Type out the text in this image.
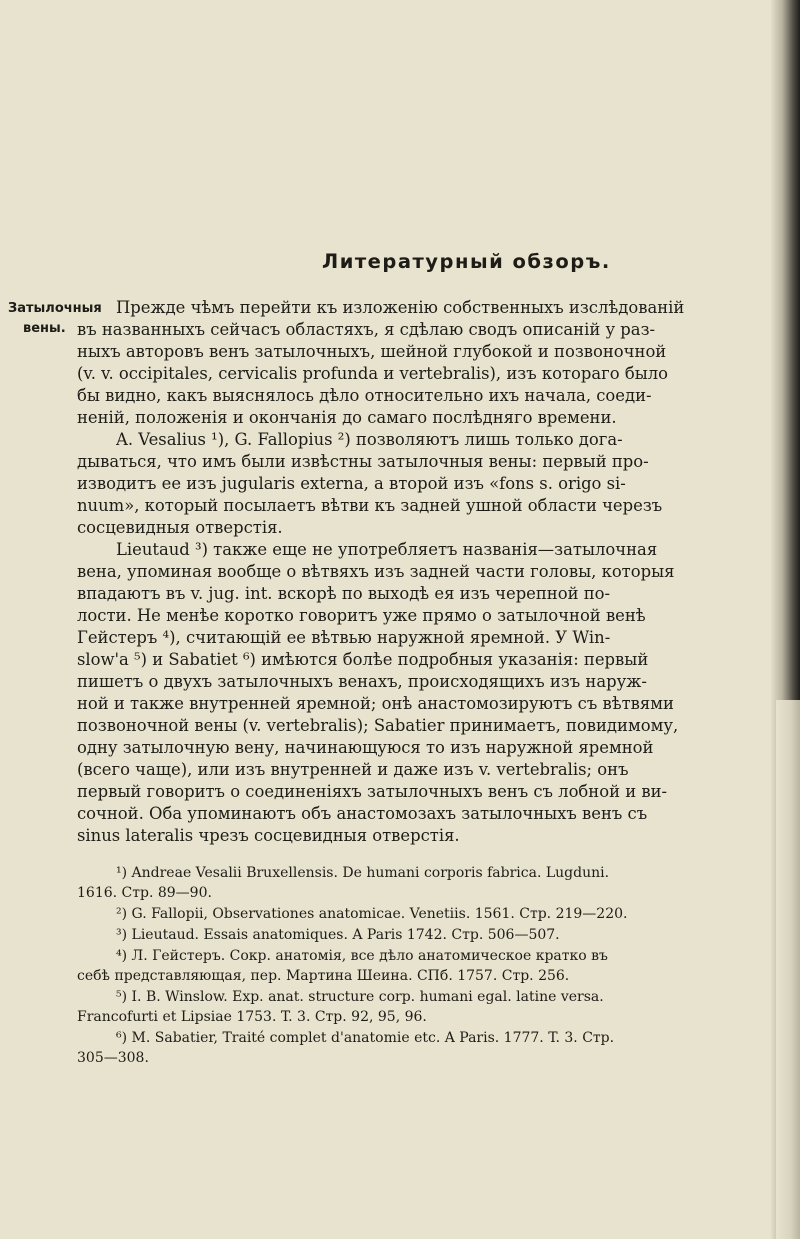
Литературный обзоръ.
Затылочныя
вены.
Прежде чѣмъ перейти къ изложенію собственныхъ изслѣдованій
въ названныхъ сейчасъ областяхъ, я сдѣлаю сводъ описаній у раз-
ныхъ авторовъ венъ затылочныхъ, шейной глубокой и позвоночной
(v. v. occipitales, cervicalis profunda и vertebralis), изъ котораго было
бы видно, какъ выяснялось дѣло относительно ихъ начала, соеди-
неній, положенія и окончанія до самаго послѣдняго времени.
A. Vesalius ¹), G. Fallopius ²) позволяютъ лишь только дога-
дываться, что имъ были извѣстны затылочныя вены: первый про-
изводитъ ее изъ jugularis externa, а второй изъ «fons s. origo si-
nuum», который посылаетъ вѣтви къ задней ушной области черезъ
сосцевидныя отверстія.
Lieutaud ³) также еще не употребляетъ названія—затылочная
вена, упоминая вообще о вѣтвяхъ изъ задней части головы, которыя
впадаютъ въ v. jug. int. вскорѣ по выходѣ ея изъ черепной по-
лости. Не менѣе коротко говоритъ уже прямо о затылочной венѣ
Гейстеръ ⁴), считающій ее вѣтвью наружной яремной. У Win-
slow'a ⁵) и Sabatiet ⁶) имѣются болѣе подробныя указанія: первый
пишетъ о двухъ затылочныхъ венахъ, происходящихъ изъ наруж-
ной и также внутренней яремной; онѣ анастомозируютъ съ вѣтвями
позвоночной вены (v. vertebralis); Sabatier принимаетъ, повидимому,
одну затылочную вену, начинающуюся то изъ наружной яремной
(всего чаще), или изъ внутренней и даже изъ v. vertebralis; онъ
первый говоритъ о соединеніяхъ затылочныхъ венъ съ лобной и ви-
сочной. Оба упоминаютъ объ анастомозахъ затылочныхъ венъ съ
sinus lateralis чрезъ сосцевидныя отверстія.
¹) Andreae Vesalii Bruxellensis. De humani corporis fabrica. Lugduni.
1616. Стр. 89—90.
²) G. Fallopii, Observationes anatomicae. Venetiis. 1561. Стр. 219—220.
³) Lieutaud. Essais anatomiques. A Paris 1742. Стр. 506—507.
⁴) Л. Гейстеръ. Сокр. анатомія, все дѣло анатомическое кратко въ
себѣ представляющая, пер. Мартина Шеина. СПб. 1757. Стр. 256.
⁵) I. B. Winslow. Exp. anat. structure corp. humani egal. latine versa.
Francofurti et Lipsiae 1753. T. 3. Стр. 92, 95, 96.
⁶) M. Sabatier, Traité complet d'anatomie etc. A Paris. 1777. T. 3. Стр.
305—308.
